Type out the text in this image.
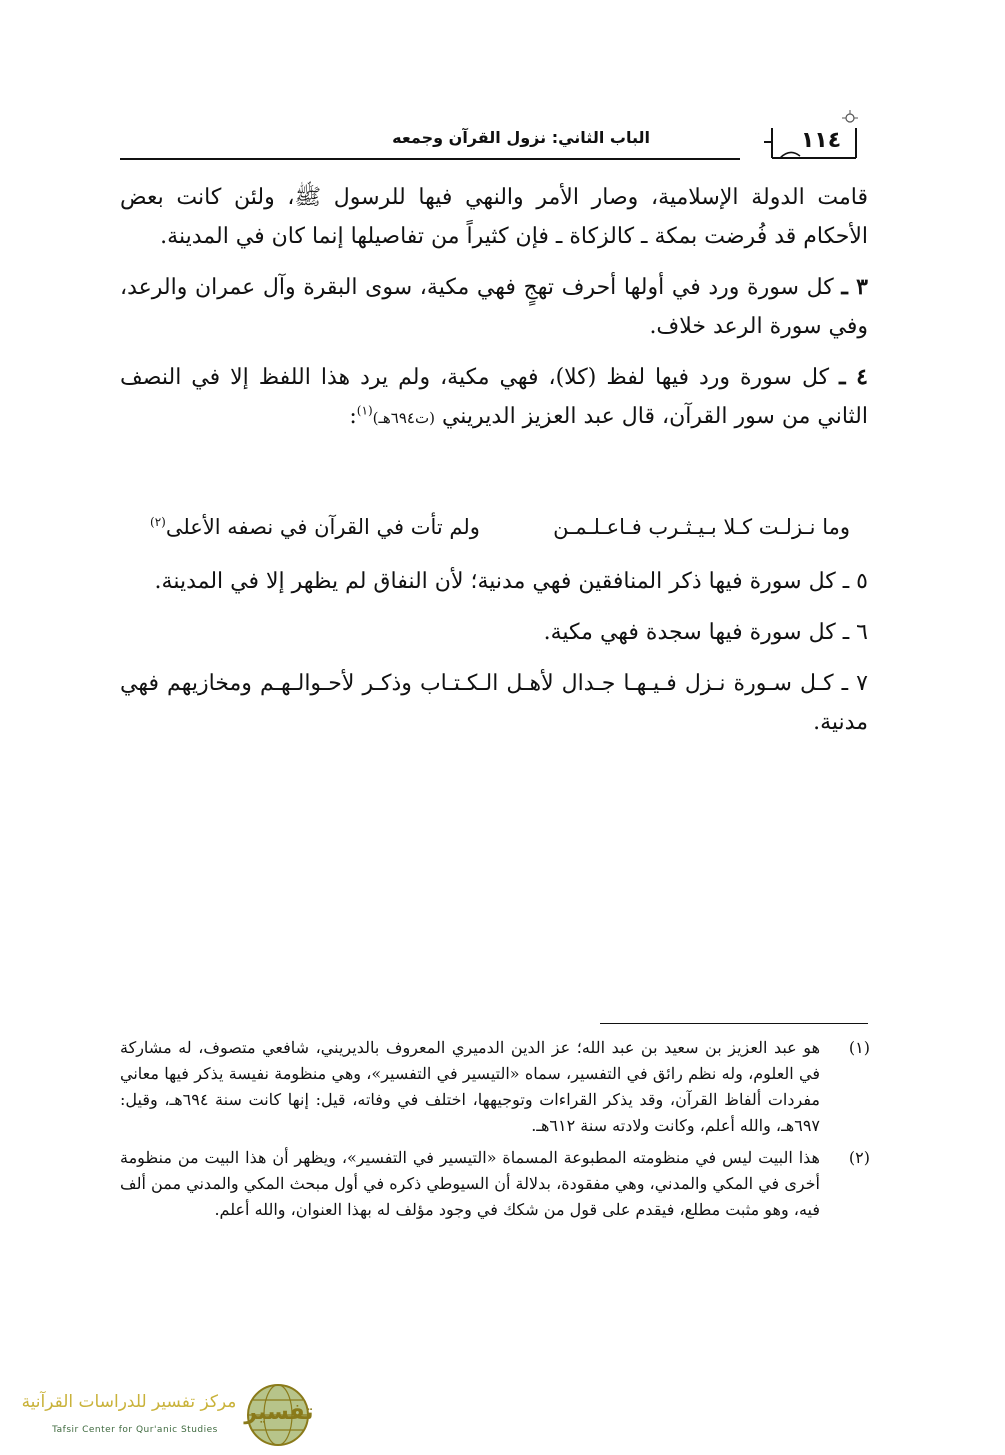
الباب الثاني: نزول القرآن وجمعه	١١٤

قامت الدولة الإسلامية، وصار الأمر والنهي فيها للرسول ﷺ، ولئن كانت بعض الأحكام قد فُرضت بمكة ـ كالزكاة ـ فإن كثيراً من تفاصيلها إنما كان في المدينة.

٣ ـ كل سورة ورد في أولها أحرف تهجٍ فهي مكية، سوى البقرة وآل عمران والرعد، وفي سورة الرعد خلاف.

٤ ـ كل سورة ورد فيها لفظ (كلا)، فهي مكية، ولم يرد هذا اللفظ إلا في النصف الثاني من سور القرآن، قال عبد العزيز الديريني (ت٦٩٤هـ)$^{(١)}$:

وما نـزلـت كـلا بـيـثـرب فـاعـلـمـن
ولم تأت في القرآن في نصفه الأعلى$^{(٢)}$

٥ ـ كل سورة فيها ذكر المنافقين فهي مدنية؛ لأن النفاق لم يظهر إلا في المدينة.

٦ ـ كل سورة فيها سجدة فهي مكية.

٧ ـ كـل سـورة نـزل فـيـهـا جـدال لأهـل الـكـتـاب وذكـر لأحـوالـهـم ومخازيهم فهي مدنية.

(١)
هو عبد العزيز بن سعيد بن عبد الله؛ عز الدين الدميري المعروف بالديريني، شافعي متصوف، له مشاركة في العلوم، وله نظم رائق في التفسير، سماه «التيسير في التفسير»، وهي منظومة نفيسة يذكر فيها معاني مفردات ألفاظ القرآن، وقد يذكر القراءات وتوجيهها، اختلف في وفاته، قيل: إنها كانت سنة ٦٩٤هـ، وقيل: ٦٩٧هـ، والله أعلم، وكانت ولادته سنة ٦١٢هـ.
(٢)
هذا البيت ليس في منظومته المطبوعة المسماة «التيسير في التفسير»، ويظهر أن هذا البيت من منظومة أخرى في المكي والمدني، وهي مفقودة، بدلالة أن السيوطي ذكره في أول مبحث المكي والمدني ممن ألف فيه، وهو مثبت مطلع، فيقدم على قول من شكك في وجود مؤلف له بهذا العنوان، والله أعلم.
مركز تفسير للدراسات القرآنية
Tafsir Center for Qur'anic Studies
تفسير
